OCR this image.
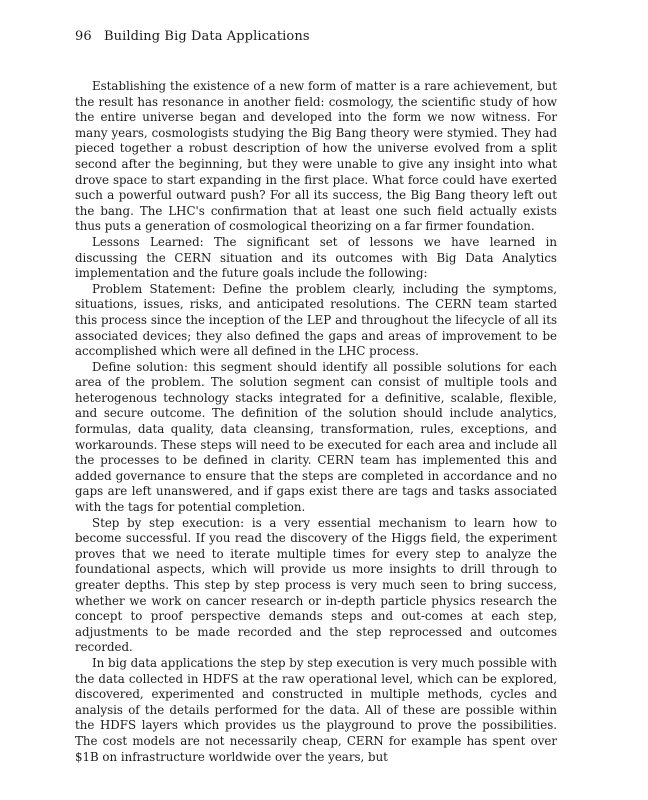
96 Building Big Data Applications

Establishing the existence of a new form of matter is a rare achievement, but the result has resonance in another field: cosmology, the scientific study of how the entire universe began and developed into the form we now witness. For many years, cosmologists studying the Big Bang theory were stymied. They had pieced together a robust description of how the universe evolved from a split second after the beginning, but they were unable to give any insight into what drove space to start expanding in the first place. What force could have exerted such a powerful outward push? For all its success, the Big Bang theory left out the bang. The LHC's confirmation that at least one such field actually exists thus puts a generation of cosmological theorizing on a far firmer foundation.

Lessons Learned: The significant set of lessons we have learned in discussing the CERN situation and its outcomes with Big Data Analytics implementation and the future goals include the following:

Problem Statement: Define the problem clearly, including the symptoms, situations, issues, risks, and anticipated resolutions. The CERN team started this process since the inception of the LEP and throughout the lifecycle of all its associated devices; they also defined the gaps and areas of improvement to be accomplished which were all defined in the LHC process.

Define solution: this segment should identify all possible solutions for each area of the problem. The solution segment can consist of multiple tools and heterogenous technology stacks integrated for a definitive, scalable, flexible, and secure outcome. The definition of the solution should include analytics, formulas, data quality, data cleansing, transformation, rules, exceptions, and workarounds. These steps will need to be executed for each area and include all the processes to be defined in clarity. CERN team has implemented this and added governance to ensure that the steps are completed in accordance and no gaps are left unanswered, and if gaps exist there are tags and tasks associated with the tags for potential completion.

Step by step execution: is a very essential mechanism to learn how to become successful. If you read the discovery of the Higgs field, the experiment proves that we need to iterate multiple times for every step to analyze the foundational aspects, which will provide us more insights to drill through to greater depths. This step by step process is very much seen to bring success, whether we work on cancer research or in-depth particle physics research the concept to proof perspective demands steps and out-comes at each step, adjustments to be made recorded and the step reprocessed and outcomes recorded.

In big data applications the step by step execution is very much possible with the data collected in HDFS at the raw operational level, which can be explored, discovered, experimented and constructed in multiple methods, cycles and analysis of the details performed for the data. All of these are possible within the HDFS layers which provides us the playground to prove the possibilities. The cost models are not necessarily cheap, CERN for example has spent over $1B on infrastructure worldwide over the years, but
